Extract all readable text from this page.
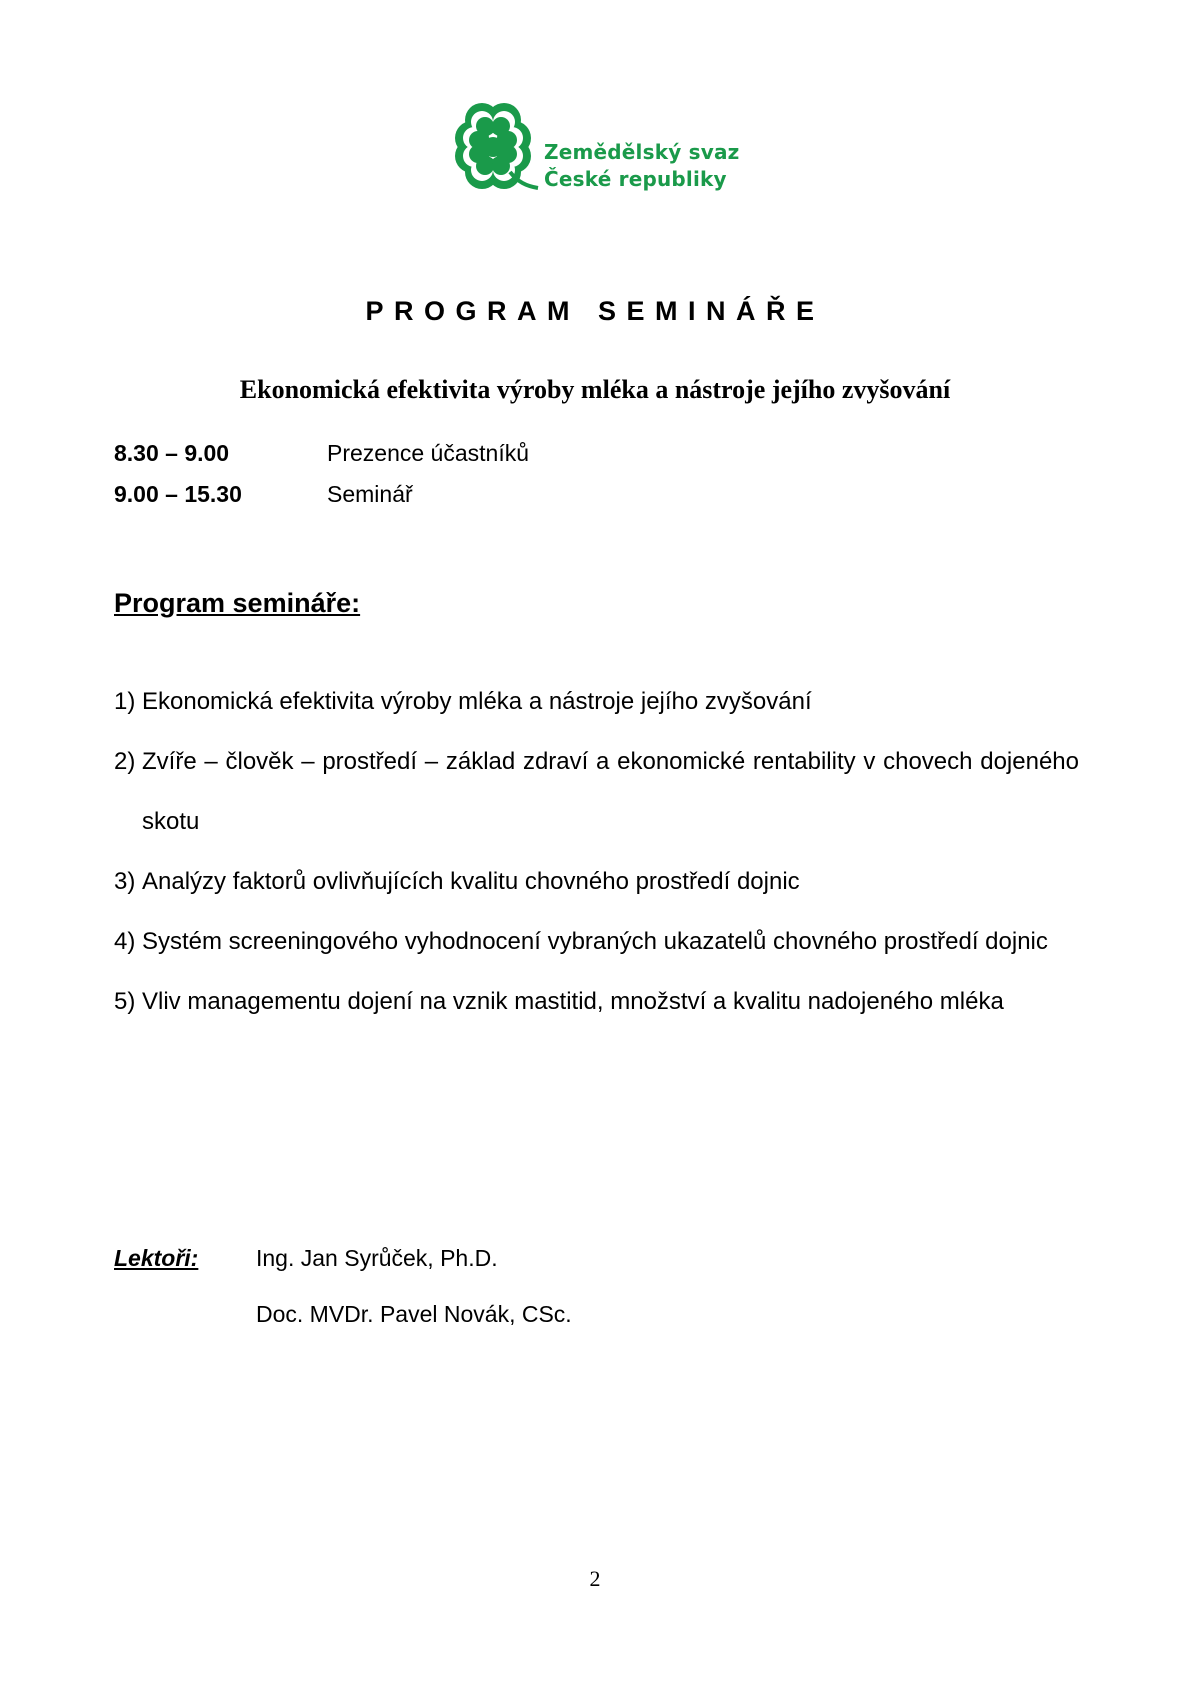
Zemědělský svaz
České republiky
PROGRAM SEMINÁŘE
Ekonomická efektivita výroby mléka a nástroje jejího zvyšování
8.30 – 9.00	Prezence účastníků
9.00 – 15.30	Seminář
Program semináře:
1) Ekonomická efektivita výroby mléka a nástroje jejího zvyšování
2) Zvíře – člověk – prostředí – základ zdraví a ekonomické rentability v chovech dojeného skotu
3) Analýzy faktorů ovlivňujících kvalitu chovného prostředí dojnic
4) Systém screeningového vyhodnocení vybraných ukazatelů chovného prostředí dojnic
5) Vliv managementu dojení na vznik mastitid, množství a kvalitu nadojeného mléka
Lektoři:	Ing. Jan Syrůček, Ph.D.
Doc. MVDr. Pavel Novák, CSc.
2
